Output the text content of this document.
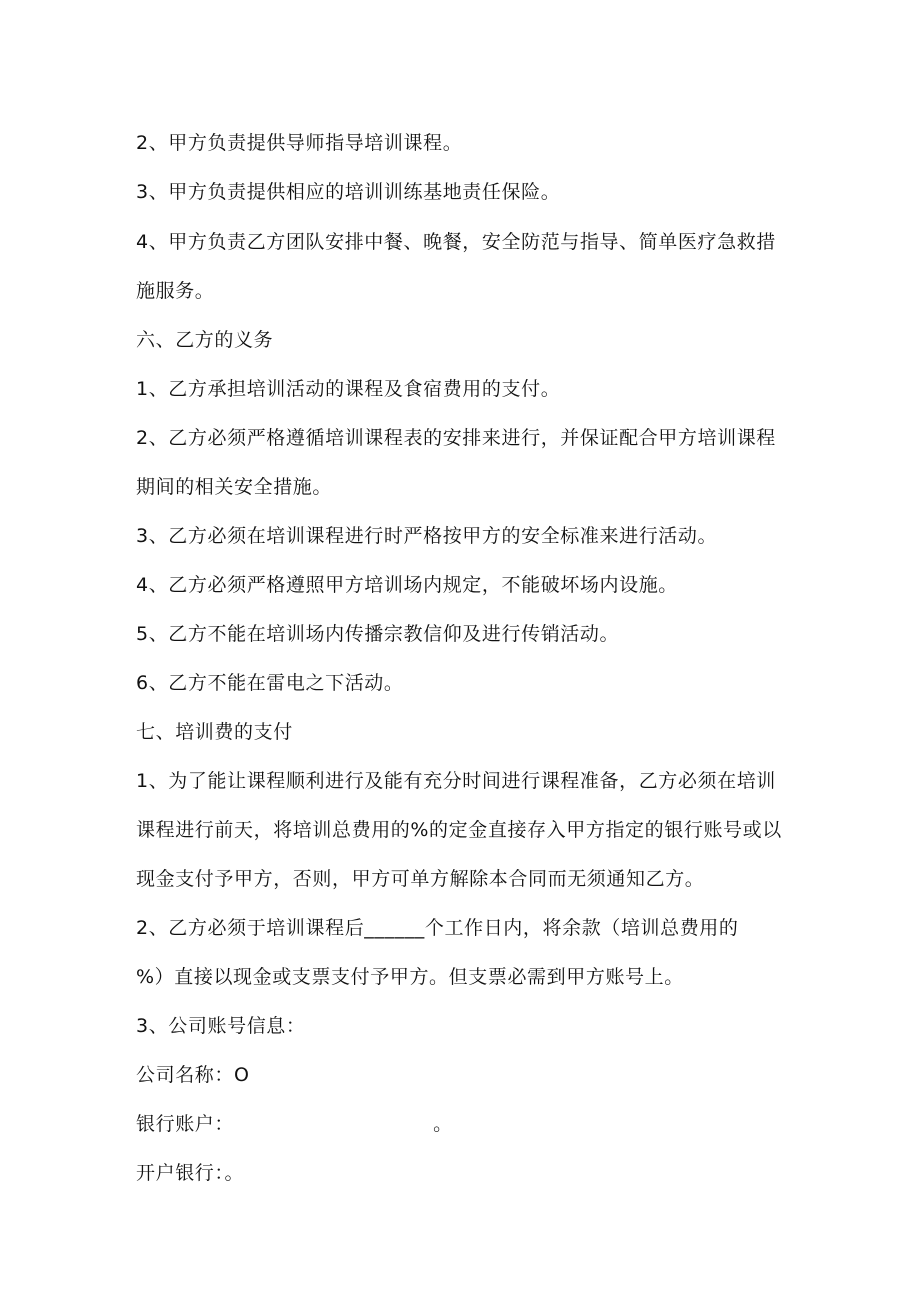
2、甲方负责提供导师指导培训课程。
3、甲方负责提供相应的培训训练基地责任保险。
4、甲方负责乙方团队安排中餐、晚餐，安全防范与指导、简单医疗急救措
施服务。
六、乙方的义务
1、乙方承担培训活动的课程及食宿费用的支付。
2、乙方必须严格遵循培训课程表的安排来进行，并保证配合甲方培训课程
期间的相关安全措施。
3、乙方必须在培训课程进行时严格按甲方的安全标准来进行活动。
4、乙方必须严格遵照甲方培训场内规定，不能破坏场内设施。
5、乙方不能在培训场内传播宗教信仰及进行传销活动。
6、乙方不能在雷电之下活动。
七、培训费的支付
1、为了能让课程顺利进行及能有充分时间进行课程准备，乙方必须在培训
课程进行前天，将培训总费用的%的定金直接存入甲方指定的银行账号或以
现金支付予甲方，否则，甲方可单方解除本合同而无须通知乙方。
2、乙方必须于培训课程后______个工作日内，将余款（培训总费用的
%）直接以现金或支票支付予甲方。但支票必需到甲方账号上。
3、公司账号信息：
公司名称：O
银行账户：                              。
开户银行：。
